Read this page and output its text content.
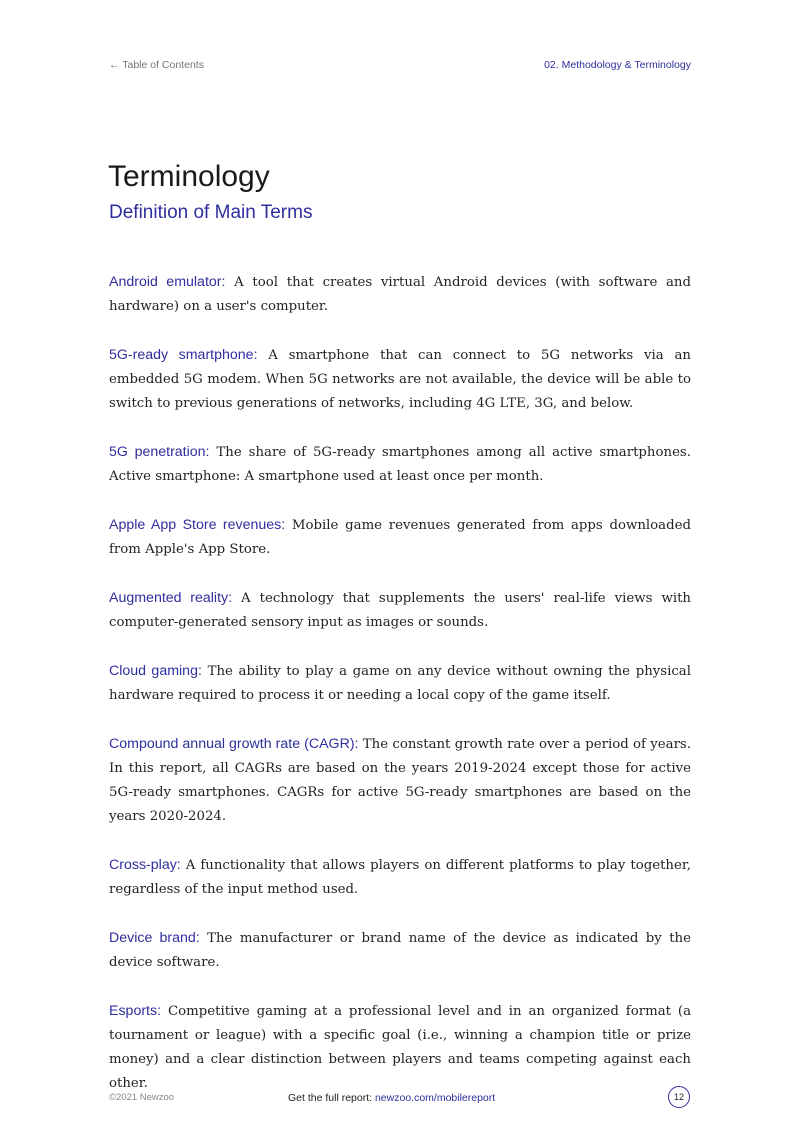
← Table of Contents	02. Methodology & Terminology
Terminology
Definition of Main Terms

Android emulator: A tool that creates virtual Android devices (with software and hardware) on a user's computer.

5G-ready smartphone: A smartphone that can connect to 5G networks via an embedded 5G modem. When 5G networks are not available, the device will be able to switch to previous generations of networks, including 4G LTE, 3G, and below.

5G penetration: The share of 5G-ready smartphones among all active smartphones. Active smartphone: A smartphone used at least once per month.

Apple App Store revenues: Mobile game revenues generated from apps downloaded from Apple's App Store.

Augmented reality: A technology that supplements the users' real-life views with computer-generated sensory input as images or sounds.

Cloud gaming: The ability to play a game on any device without owning the physical hardware required to process it or needing a local copy of the game itself.

Compound annual growth rate (CAGR): The constant growth rate over a period of years. In this report, all CAGRs are based on the years 2019-2024 except those for active 5G-ready smartphones. CAGRs for active 5G-ready smartphones are based on the years 2020-2024.

Cross-play: A functionality that allows players on different platforms to play together, regardless of the input method used.

Device brand: The manufacturer or brand name of the device as indicated by the device software.

Esports: Competitive gaming at a professional level and in an organized format (a tournament or league) with a specific goal (i.e., winning a champion title or prize money) and a clear distinction between players and teams competing against each other.

©2021 Newzoo	Get the full report: newzoo.com/mobilereport	12
